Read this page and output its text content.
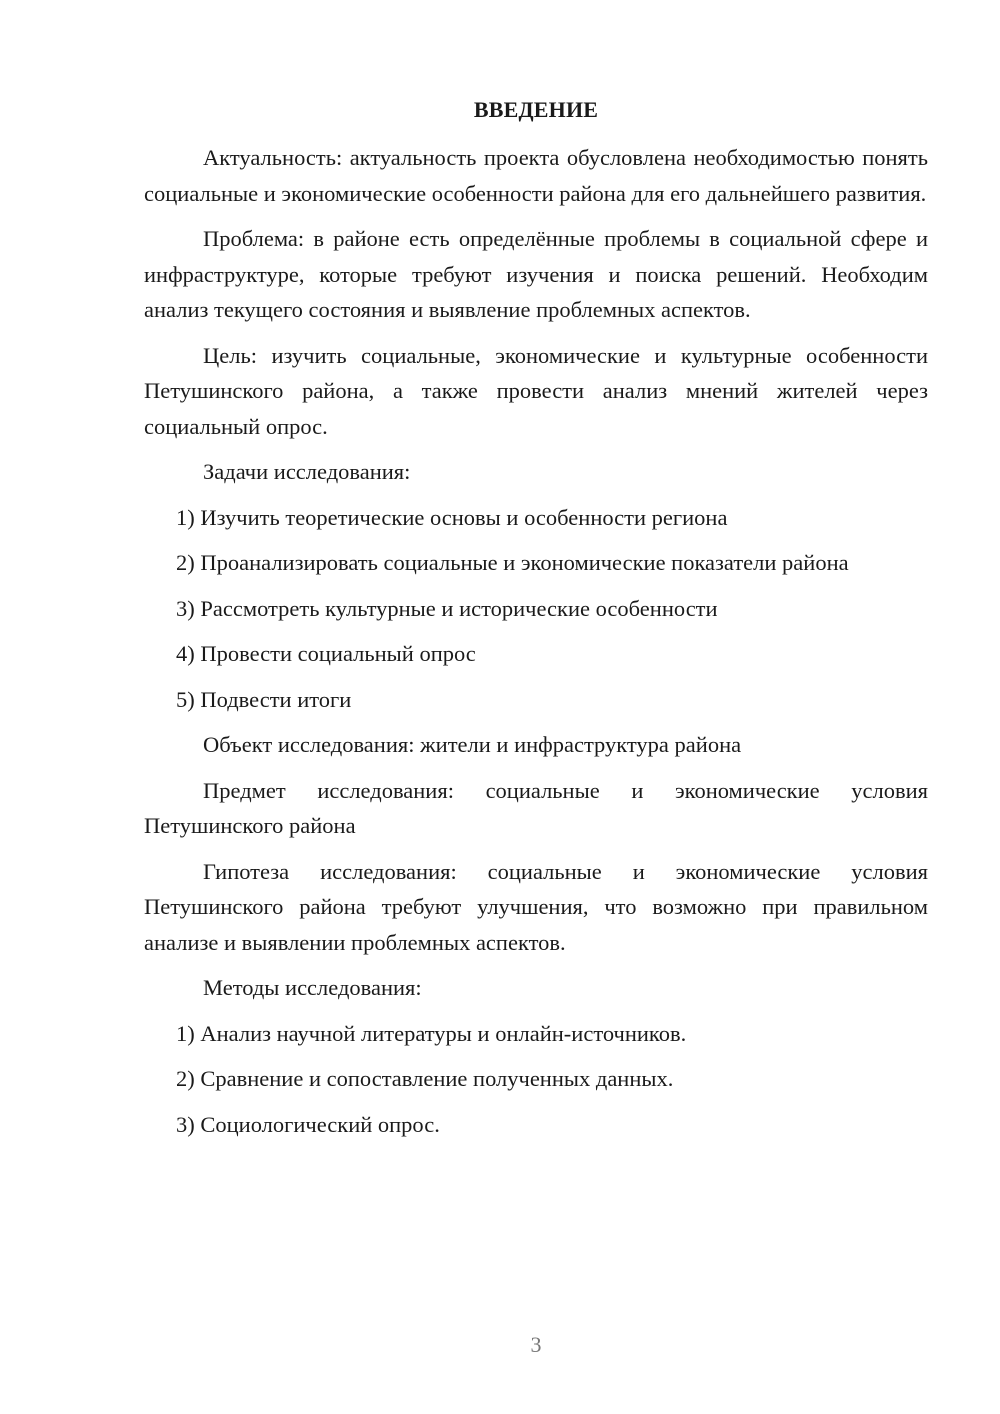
ВВЕДЕНИЕ

Актуальность: актуальность проекта обусловлена необходимостью понять социальные и экономические особенности района для его дальнейшего развития.

Проблема: в районе есть определённые проблемы в социальной сфере и инфраструктуре, которые требуют изучения и поиска решений. Необходим анализ текущего состояния и выявление проблемных аспектов.

Цель: изучить социальные, экономические и культурные особенности Петушинского района, а также провести анализ мнений жителей через социальный опрос.

Задачи исследования:

1) Изучить теоретические основы и особенности региона

2) Проанализировать социальные и экономические показатели района

3) Рассмотреть культурные и исторические особенности

4) Провести социальный опрос

5) Подвести итоги

Объект исследования: жители и инфраструктура района

Предмет исследования: социальные и экономические условия Петушинского района

Гипотеза исследования: социальные и экономические условия Петушинского района требуют улучшения, что возможно при правильном анализе и выявлении проблемных аспектов.

Методы исследования:

1) Анализ научной литературы и онлайн-источников.

2) Сравнение и сопоставление полученных данных.

3) Социологический опрос.

3
